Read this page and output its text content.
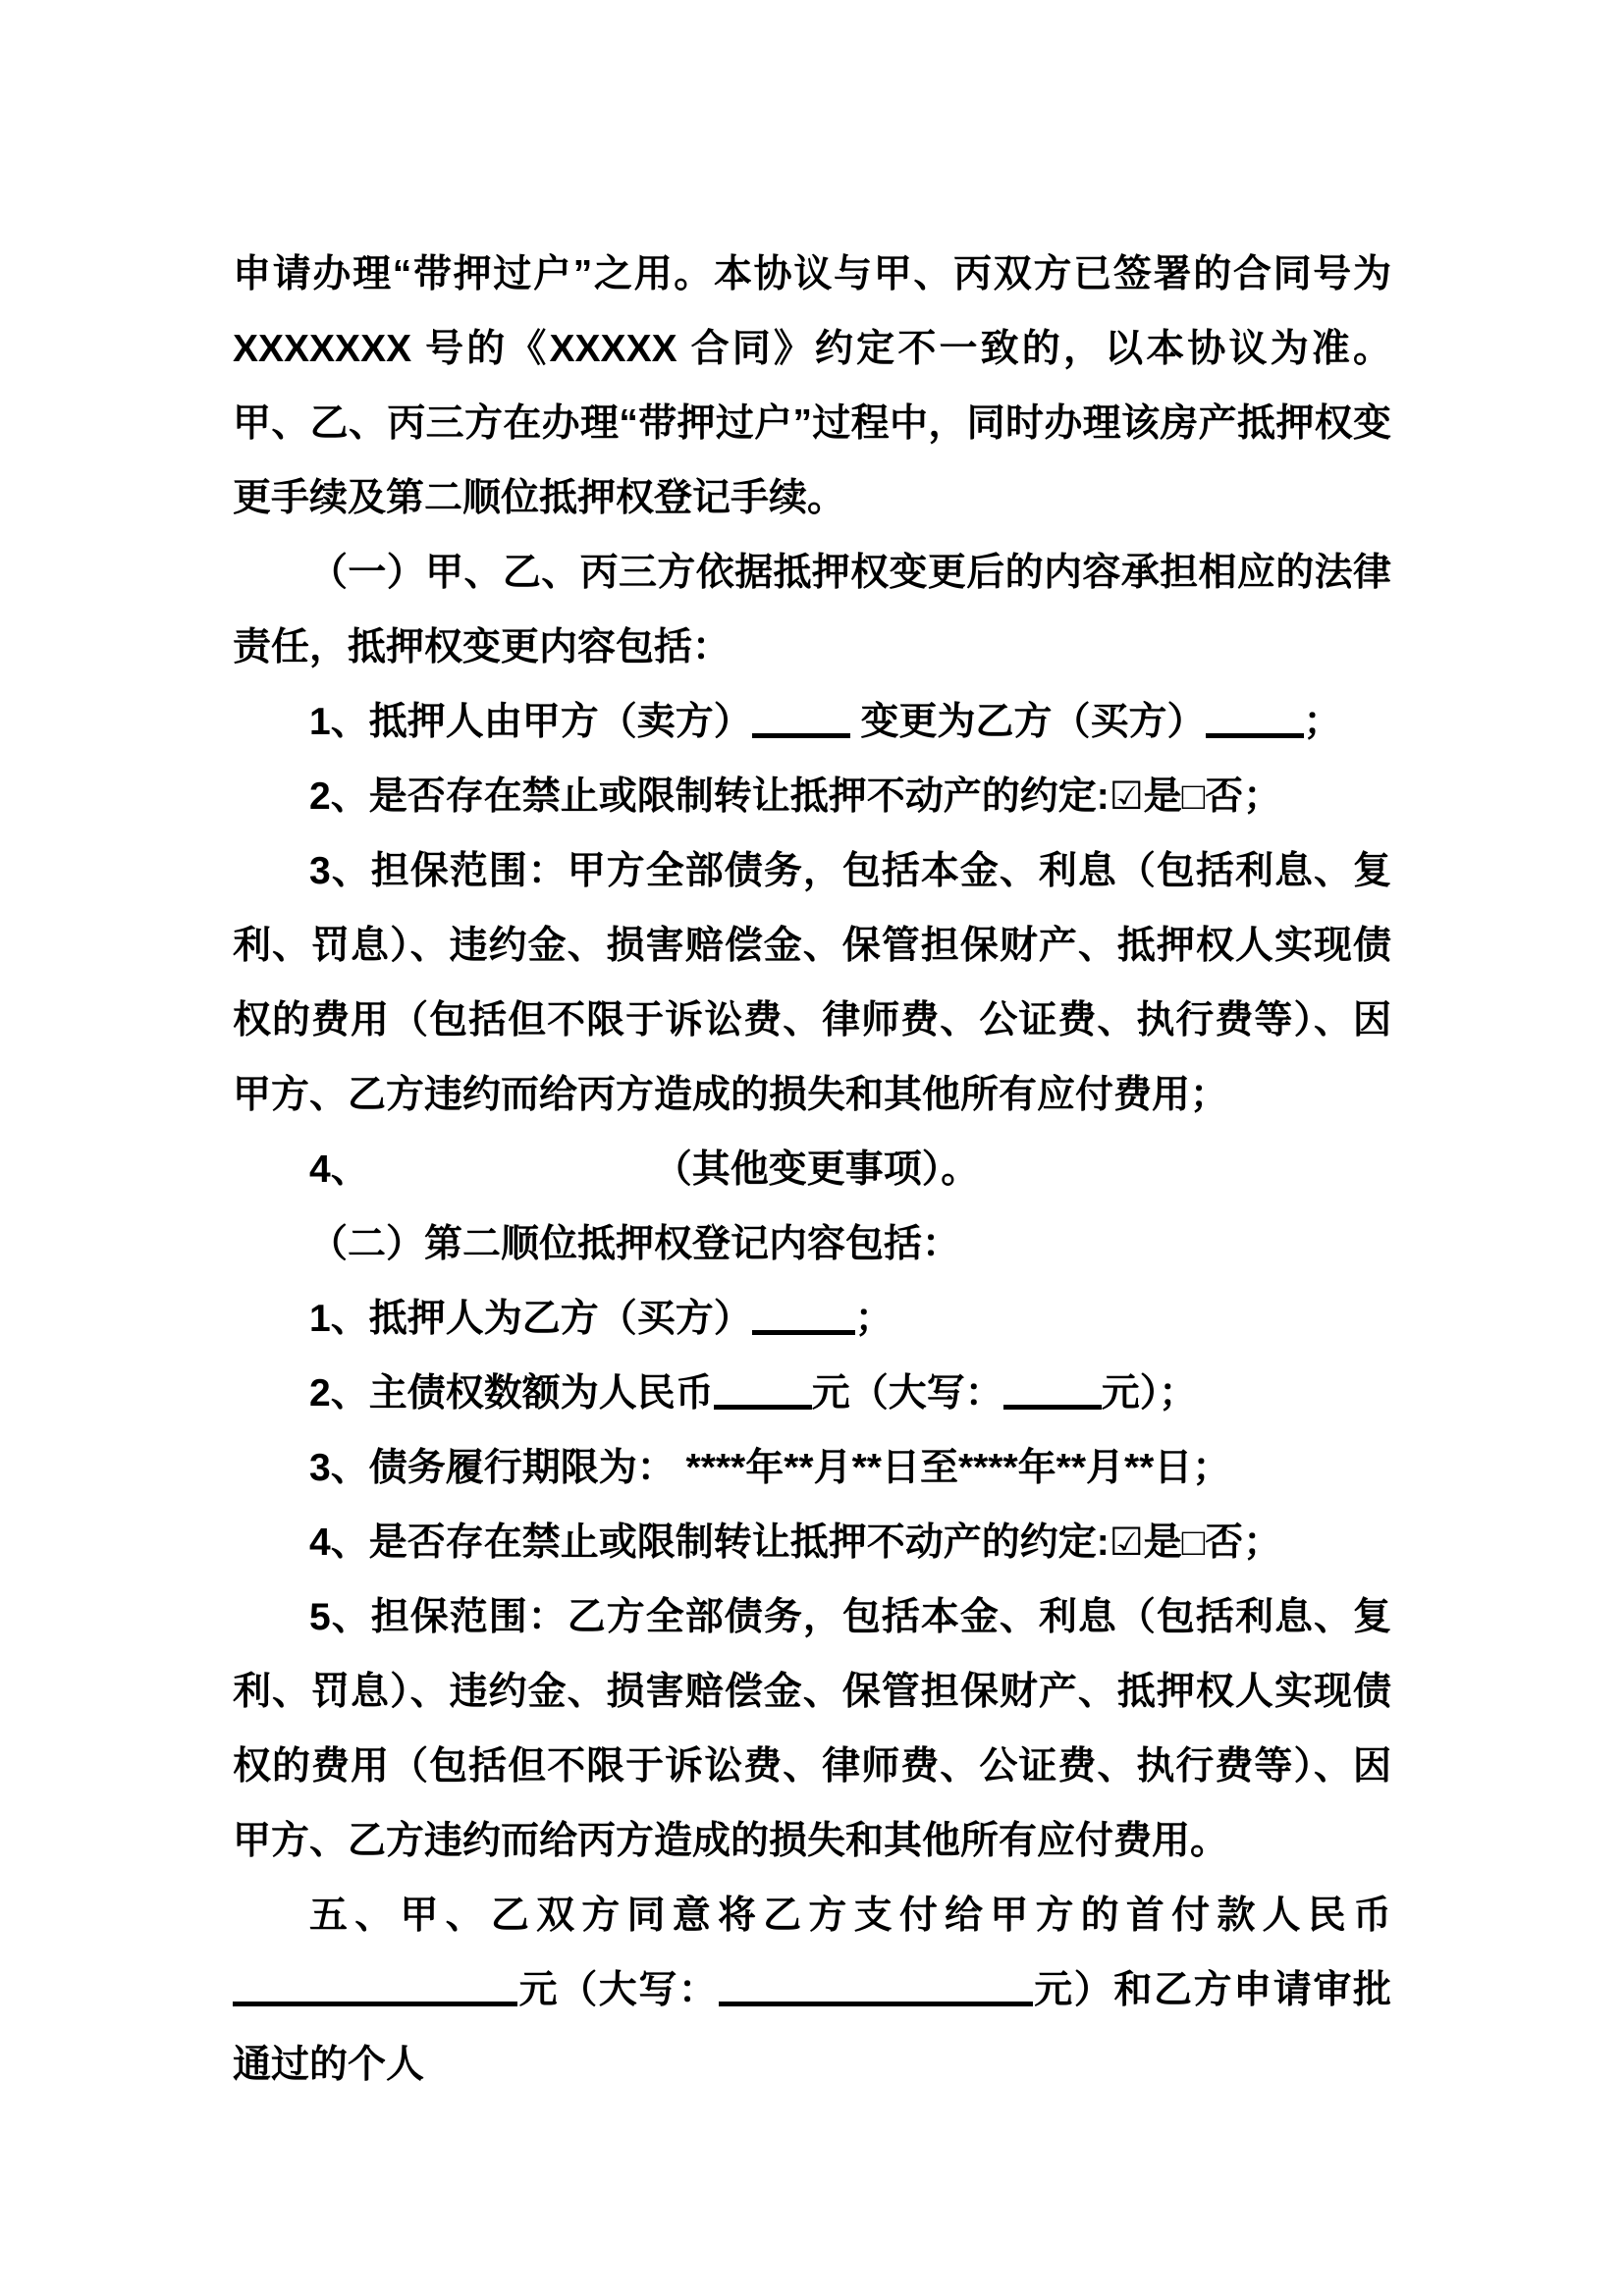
申请办理“带押过户”之用。本协议与甲、丙双方已签署的合同号为 XXXXXXX 号的《XXXXX 合同》约定不一致的，以本协议为准。甲、乙、丙三方在办理“带押过户”过程中，同时办理该房产抵押权变更手续及第二顺位抵押权登记手续。

（一）甲、乙、丙三方依据抵押权变更后的内容承担相应的法律责任，抵押权变更内容包括：

1、抵押人由甲方（卖方）	变更为乙方（买方）	；

2、是否存在禁止或限制转让抵押不动产的约定:☑是□否；

3、担保范围：甲方全部债务，包括本金、利息（包括利息、复利、罚息）、违约金、损害赔偿金、保管担保财产、抵押权人实现债权的费用（包括但不限于诉讼费、律师费、公证费、执行费等）、因甲方、乙方违约而给丙方造成的损失和其他所有应付费用；

4、	（其他变更事项）。

（二）第二顺位抵押权登记内容包括：

1、抵押人为乙方（买方）	；

2、主债权数额为人民币	元（大写：	元）；

3、债务履行期限为： ****年**月**日至****年**月**日；

4、是否存在禁止或限制转让抵押不动产的约定:☑是□否；

5、担保范围：乙方全部债务，包括本金、利息（包括利息、复利、罚息）、违约金、损害赔偿金、保管担保财产、抵押权人实现债权的费用（包括但不限于诉讼费、律师费、公证费、执行费等）、因甲方、乙方违约而给丙方造成的损失和其他所有应付费用。

五、甲、乙双方同意将乙方支付给甲方的首付款人民币元（大写：	元）和乙方申请审批通过的个人
